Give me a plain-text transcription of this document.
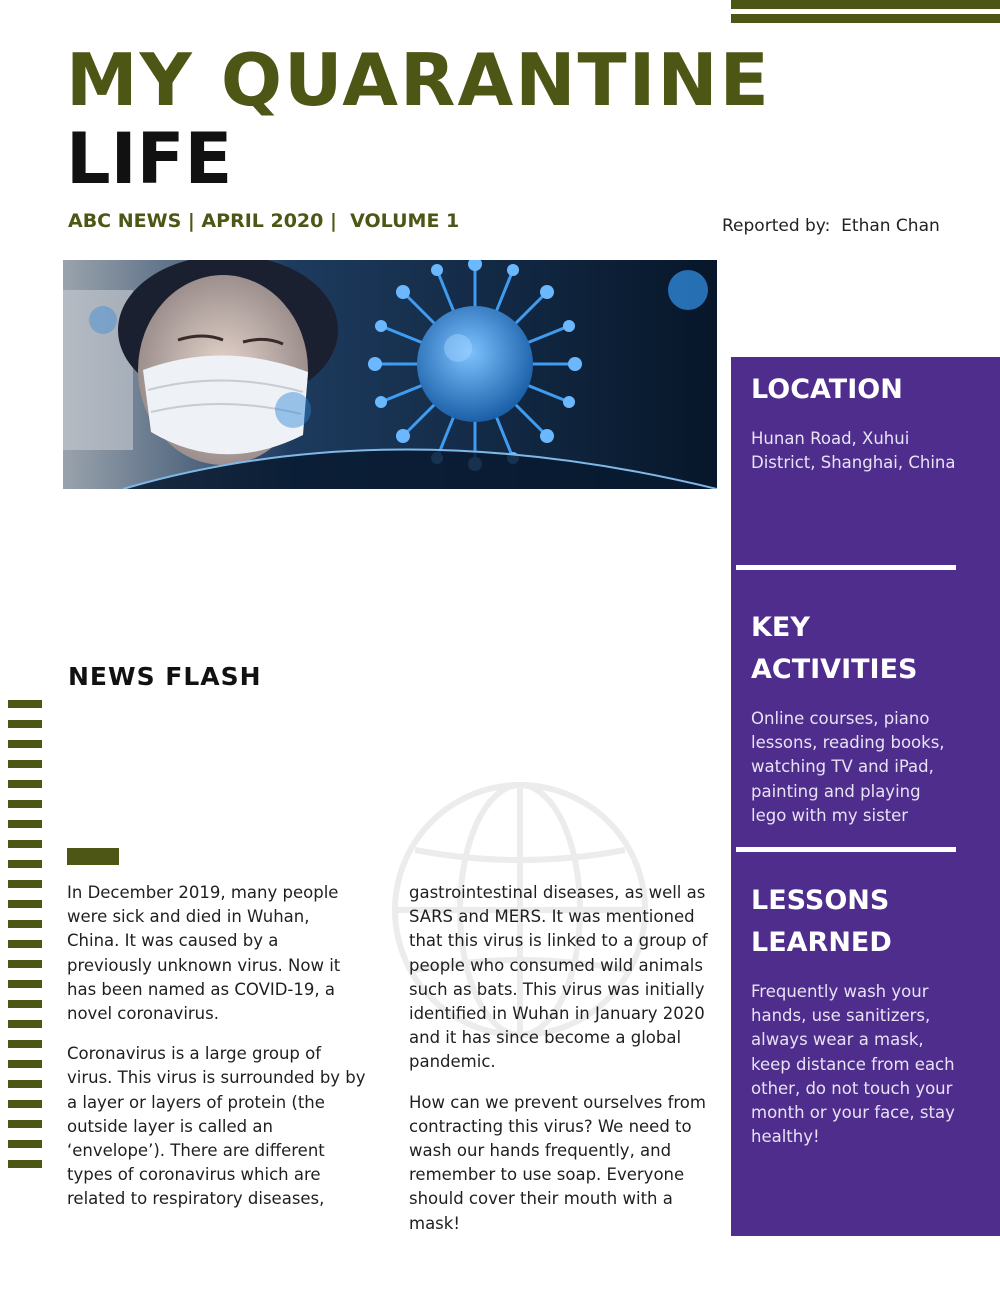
MY QUARANTINE
LIFE
ABC NEWS | APRIL 2020 |  VOLUME 1	Reported by:  Ethan Chan
LOCATION

Hunan Road, Xuhui District, Shanghai, China

KEY
ACTIVITIES

Online courses, piano lessons, reading books, watching TV and iPad, painting and playing lego with my sister

LESSONS
LEARNED

Frequently wash your hands, use sanitizers, always wear a mask, keep distance from each other, do not touch your month or your face, stay healthy!

NEWS FLASH

In December 2019, many people were sick and died in Wuhan, China. It was caused by a previously unknown virus. Now it has been named as COVID-19, a novel coronavirus.

Coronavirus is a large group of virus. This virus is surrounded by by a layer or layers of protein (the outside layer is called an ‘envelope’). There are different types of coronavirus which are related to respiratory diseases,

gastrointestinal diseases, as well as SARS and MERS. It was mentioned that this virus is linked to a group of people who consumed wild animals such as bats. This virus was initially identified in Wuhan in January 2020 and it has since become a global pandemic.

How can we prevent ourselves from contracting this virus? We need to wash our hands frequently, and remember to use soap. Everyone should cover their mouth with a mask!
